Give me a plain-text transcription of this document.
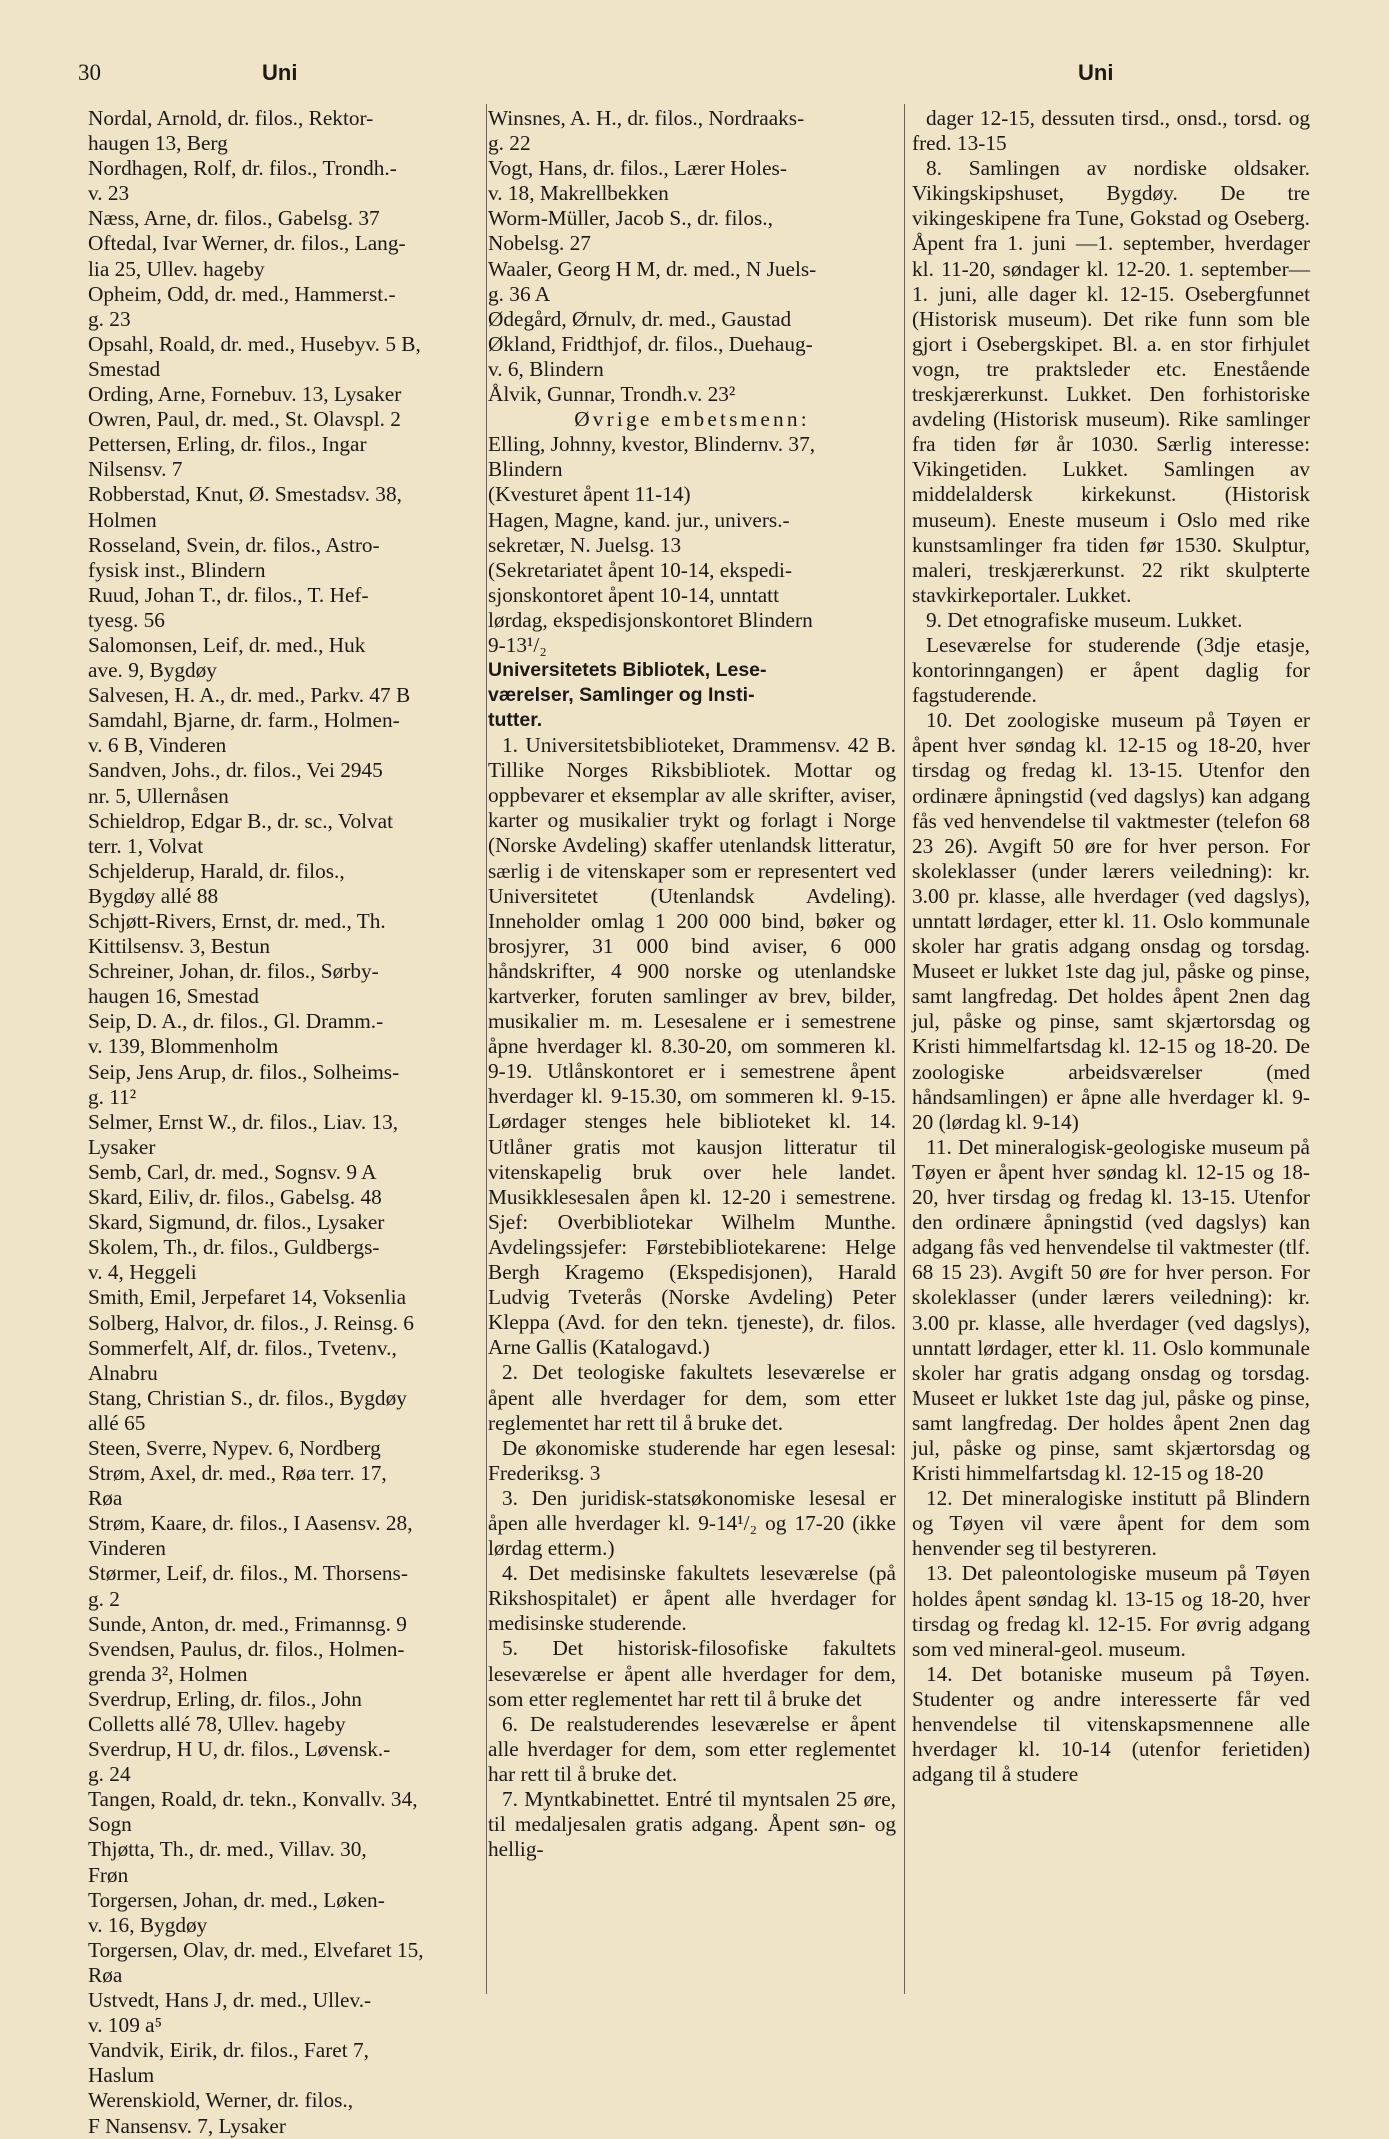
30	Uni	Uni

Nordal, Arnold, dr. filos., Rektor-

haugen 13, Berg

Nordhagen, Rolf, dr. filos., Trondh.-

v. 23

Næss, Arne, dr. filos., Gabelsg. 37

Oftedal, Ivar Werner, dr. filos., Lang-

lia 25, Ullev. hageby

Opheim, Odd, dr. med., Hammerst.-

g. 23

Opsahl, Roald, dr. med., Husebyv. 5 B,

Smestad

Ording, Arne, Fornebuv. 13, Lysaker

Owren, Paul, dr. med., St. Olavspl. 2

Pettersen, Erling, dr. filos., Ingar

Nilsensv. 7

Robberstad, Knut, Ø. Smestadsv. 38,

Holmen

Rosseland, Svein, dr. filos., Astro-

fysisk inst., Blindern

Ruud, Johan T., dr. filos., T. Hef-

tyesg. 56

Salomonsen, Leif, dr. med., Huk

ave. 9, Bygdøy

Salvesen, H. A., dr. med., Parkv. 47 B

Samdahl, Bjarne, dr. farm., Holmen-

v. 6 B, Vinderen

Sandven, Johs., dr. filos., Vei 2945

nr. 5, Ullernåsen

Schieldrop, Edgar B., dr. sc., Volvat

terr. 1, Volvat

Schjelderup, Harald, dr. filos.,

Bygdøy allé 88

Schjøtt-Rivers, Ernst, dr. med., Th.

Kittilsensv. 3, Bestun

Schreiner, Johan, dr. filos., Sørby-

haugen 16, Smestad

Seip, D. A., dr. filos., Gl. Dramm.-

v. 139, Blommenholm

Seip, Jens Arup, dr. filos., Solheims-

g. 11²

Selmer, Ernst W., dr. filos., Liav. 13,

Lysaker

Semb, Carl, dr. med., Sognsv. 9 A

Skard, Eiliv, dr. filos., Gabelsg. 48

Skard, Sigmund, dr. filos., Lysaker

Skolem, Th., dr. filos., Guldbergs-

v. 4, Heggeli

Smith, Emil, Jerpefaret 14, Voksenlia

Solberg, Halvor, dr. filos., J. Reinsg. 6

Sommerfelt, Alf, dr. filos., Tvetenv.,

Alnabru

Stang, Christian S., dr. filos., Bygdøy

allé 65

Steen, Sverre, Nypev. 6, Nordberg

Strøm, Axel, dr. med., Røa terr. 17,

Røa

Strøm, Kaare, dr. filos., I Aasensv. 28,

Vinderen

Størmer, Leif, dr. filos., M. Thorsens-

g. 2

Sunde, Anton, dr. med., Frimannsg. 9

Svendsen, Paulus, dr. filos., Holmen-

grenda 3², Holmen

Sverdrup, Erling, dr. filos., John

Colletts allé 78, Ullev. hageby

Sverdrup, H U, dr. filos., Løvensk.-

g. 24

Tangen, Roald, dr. tekn., Konvallv. 34,

Sogn

Thjøtta, Th., dr. med., Villav. 30,

Frøn

Torgersen, Johan, dr. med., Løken-

v. 16, Bygdøy

Torgersen, Olav, dr. med., Elvefaret 15,

Røa

Ustvedt, Hans J, dr. med., Ullev.-

v. 109 a⁵

Vandvik, Eirik, dr. filos., Faret 7,

Haslum

Werenskiold, Werner, dr. filos.,

F Nansensv. 7, Lysaker

Winsnes, A. H., dr. filos., Nordraaks-

g. 22

Vogt, Hans, dr. filos., Lærer Holes-

v. 18, Makrellbekken

Worm-Müller, Jacob S., dr. filos.,

Nobelsg. 27

Waaler, Georg H M, dr. med., N Juels-

g. 36 A

Ødegård, Ørnulv, dr. med., Gaustad

Økland, Fridthjof, dr. filos., Duehaug-

v. 6, Blindern

Ålvik, Gunnar, Trondh.v. 23²

Øvrige embetsmenn:

Elling, Johnny, kvestor, Blindernv. 37,

Blindern

(Kvesturet åpent 11-14)

Hagen, Magne, kand. jur., univers.-

sekretær, N. Juelsg. 13

(Sekretariatet åpent 10-14, ekspedi-

sjonskontoret åpent 10-14, unntatt

lørdag, ekspedisjonskontoret Blindern

9-13¹/₂

Universitetets Bibliotek, Lese-

værelser, Samlinger og Insti-

tutter.

1. Universitetsbiblioteket, Drammensv. 42 B. Tillike Norges Riksbibliotek. Mottar og oppbevarer et eksemplar av alle skrifter, aviser, karter og musikalier trykt og forlagt i Norge (Norske Avdeling) skaffer utenlandsk litteratur, særlig i de vitenskaper som er representert ved Universitetet (Utenlandsk Avdeling). Inneholder omlag 1 200 000 bind, bøker og brosjyrer, 31 000 bind aviser, 6 000 håndskrifter, 4 900 norske og utenlandske kartverker, foruten samlinger av brev, bilder, musikalier m. m. Lesesalene er i semestrene åpne hverdager kl. 8.30-20, om sommeren kl. 9-19. Utlånskontoret er i semestrene åpent hverdager kl. 9-15.30, om sommeren kl. 9-15. Lørdager stenges hele biblioteket kl. 14. Utlåner gratis mot kausjon litteratur til vitenskapelig bruk over hele landet. Musikklesesalen åpen kl. 12-20 i semestrene. Sjef: Overbibliotekar Wilhelm Munthe. Avdelingssjefer: Førstebibliotekarene: Helge Bergh Kragemo (Ekspedisjonen), Harald Ludvig Tveterås (Norske Avdeling) Peter Kleppa (Avd. for den tekn. tjeneste), dr. filos. Arne Gallis (Katalogavd.)

2. Det teologiske fakultets leseværelse er åpent alle hverdager for dem, som etter reglementet har rett til å bruke det.

De økonomiske studerende har egen lesesal: Frederiksg. 3

3. Den juridisk-statsøkonomiske lesesal er åpen alle hverdager kl. 9-14¹/₂ og 17-20 (ikke lørdag etterm.)

4. Det medisinske fakultets leseværelse (på Rikshospitalet) er åpent alle hverdager for medisinske studerende.

5. Det historisk-filosofiske fakultets leseværelse er åpent alle hverdager for dem, som etter reglementet har rett til å bruke det

6. De realstuderendes leseværelse er åpent alle hverdager for dem, som etter reglementet har rett til å bruke det.

7. Myntkabinettet. Entré til myntsalen 25 øre, til medaljesalen gratis adgang. Åpent søn- og hellig-

dager 12-15, dessuten tirsd., onsd., torsd. og fred. 13-15

8. Samlingen av nordiske oldsaker. Vikingskipshuset, Bygdøy. De tre vikingeskipene fra Tune, Gokstad og Oseberg. Åpent fra 1. juni —1. september, hverdager kl. 11-20, søndager kl. 12-20. 1. september—1. juni, alle dager kl. 12-15. Osebergfunnet (Historisk museum). Det rike funn som ble gjort i Osebergskipet. Bl. a. en stor firhjulet vogn, tre praktsleder etc. Enestående treskjærerkunst. Lukket. Den forhistoriske avdeling (Historisk museum). Rike samlinger fra tiden før år 1030. Særlig interesse: Vikingetiden. Lukket. Samlingen av middelaldersk kirkekunst. (Historisk museum). Eneste museum i Oslo med rike kunstsamlinger fra tiden før 1530. Skulptur, maleri, treskjærerkunst. 22 rikt skulpterte stavkirkeportaler. Lukket.

9. Det etnografiske museum. Lukket.

Leseværelse for studerende (3dje etasje, kontorinngangen) er åpent daglig for fagstuderende.

10. Det zoologiske museum på Tøyen er åpent hver søndag kl. 12-15 og 18-20, hver tirsdag og fredag kl. 13-15. Utenfor den ordinære åpningstid (ved dagslys) kan adgang fås ved henvendelse til vaktmester (telefon 68 23 26). Avgift 50 øre for hver person. For skoleklasser (under lærers veiledning): kr. 3.00 pr. klasse, alle hverdager (ved dagslys), unntatt lørdager, etter kl. 11. Oslo kommunale skoler har gratis adgang onsdag og torsdag. Museet er lukket 1ste dag jul, påske og pinse, samt langfredag. Det holdes åpent 2nen dag jul, påske og pinse, samt skjærtorsdag og Kristi himmelfartsdag kl. 12-15 og 18-20. De zoologiske arbeidsværelser (med håndsamlingen) er åpne alle hverdager kl. 9-20 (lørdag kl. 9-14)

11. Det mineralogisk-geologiske museum på Tøyen er åpent hver søndag kl. 12-15 og 18-20, hver tirsdag og fredag kl. 13-15. Utenfor den ordinære åpningstid (ved dagslys) kan adgang fås ved henvendelse til vaktmester (tlf. 68 15 23). Avgift 50 øre for hver person. For skoleklasser (under lærers veiledning): kr. 3.00 pr. klasse, alle hverdager (ved dagslys), unntatt lørdager, etter kl. 11. Oslo kommunale skoler har gratis adgang onsdag og torsdag. Museet er lukket 1ste dag jul, påske og pinse, samt langfredag. Der holdes åpent 2nen dag jul, påske og pinse, samt skjærtorsdag og Kristi himmelfartsdag kl. 12-15 og 18-20

12. Det mineralogiske institutt på Blindern og Tøyen vil være åpent for dem som henvender seg til bestyreren.

13. Det paleontologiske museum på Tøyen holdes åpent søndag kl. 13-15 og 18-20, hver tirsdag og fredag kl. 12-15. For øvrig adgang som ved mineral-geol. museum.

14. Det botaniske museum på Tøyen. Studenter og andre interesserte får ved henvendelse til vitenskapsmennene alle hverdager kl. 10-14 (utenfor ferietiden) adgang til å studere
